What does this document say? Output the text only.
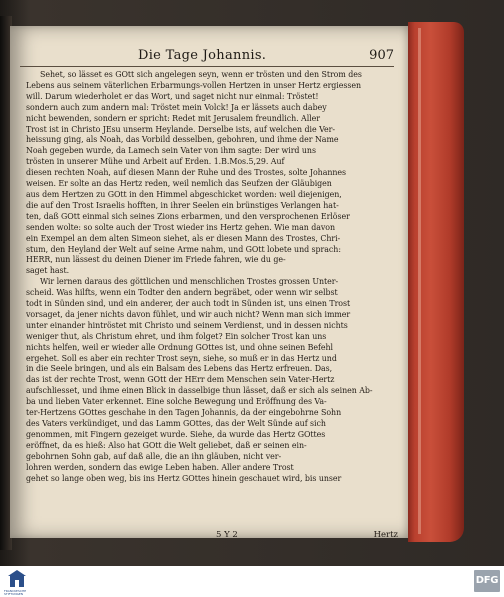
Die Tage Johannis.	907
Sehet, so lässet es GOtt sich angelegen seyn, wenn er trösten und den Strom des
Lebens aus seinem väterlichen Erbarmungs-vollen Hertzen in unser Hertz ergiessen
will. Darum wiederholet er das Wort, und saget nicht nur einmal: Tröstet!
sondern auch zum andern mal: Tröstet mein Volck! Ja er lässets auch dabey
nicht bewenden, sondern er spricht: Redet mit Jerusalem freundlich. Aller
Trost ist in Christo JEsu unserm Heylande. Derselbe ists, auf welchen die Ver-
heissung ging, als Noah, das Vorbild desselben, gebohren, und ihme der Name
Noah gegeben wurde, da Lamech sein Vater von ihm sagte: Der wird uns
trösten in unserer Mühe und Arbeit auf Erden. 1.B.Mos.5,29. Auf
diesen rechten Noah, auf diesen Mann der Ruhe und des Trostes, solte Johannes
weisen. Er solte an das Hertz reden, weil nemlich das Seufzen der Gläubigen
aus dem Hertzen zu GOtt in den Himmel abgeschicket worden: weil diejenigen,
die auf den Trost Israelis hofften, in ihrer Seelen ein brünstiges Verlangen hat-
ten, daß GOtt einmal sich seines Zions erbarmen, und den versprochenen Erlöser
senden wolte: so solte auch der Trost wieder ins Hertz gehen. Wie man davon
ein Exempel an dem alten Simeon siehet, als er diesen Mann des Trostes, Chri-
stum, den Heyland der Welt auf seine Arme nahm, und GOtt lobete und sprach:
HERR, nun lässest du deinen Diener im Friede fahren, wie du ge-
saget hast.
Wir lernen daraus des göttlichen und menschlichen Trostes grossen Unter-
scheid. Was hilfts, wenn ein Todter den andern begräbet, oder wenn wir selbst
todt in Sünden sind, und ein anderer, der auch todt in Sünden ist, uns einen Trost
vorsaget, da jener nichts davon fühlet, und wir auch nicht? Wenn man sich immer
unter einander hintröstet mit Christo und seinem Verdienst, und in dessen nichts
weniger thut, als Christum ehret, und ihm folget? Ein solcher Trost kan uns
nichts helfen, weil er wieder alle Ordnung GOttes ist, und ohne seinen Befehl
ergehet. Soll es aber ein rechter Trost seyn, siehe, so muß er in das Hertz und
in die Seele bringen, und als ein Balsam des Lebens das Hertz erfreuen. Das,
das ist der rechte Trost, wenn GOtt der HErr dem Menschen sein Vater-Hertz
aufschliesset, und ihme einen Blick in dasselbige thun lässet, daß er sich als seinen Ab-
ba und lieben Vater erkennet. Eine solche Bewegung und Eröffnung des Va-
ter-Hertzens GOttes geschahe in den Tagen Johannis, da der eingebohrne Sohn
des Vaters verkündiget, und das Lamm GOttes, das der Welt Sünde auf sich
genommen, mit Fingern gezeiget wurde. Siehe, da wurde das Hertz GOttes
eröffnet, da es hieß: Also hat GOtt die Welt geliebet, daß er seinen ein-
gebohrnen Sohn gab, auf daß alle, die an ihn gläuben, nicht ver-
lohren werden, sondern das ewige Leben haben. Aller andere Trost
gehet so lange oben weg, bis ins Hertz GOttes hinein geschauet wird, bis unser
5 Y 2	Hertz
FRANCKESCHE STIFTUNGEN
DFG
